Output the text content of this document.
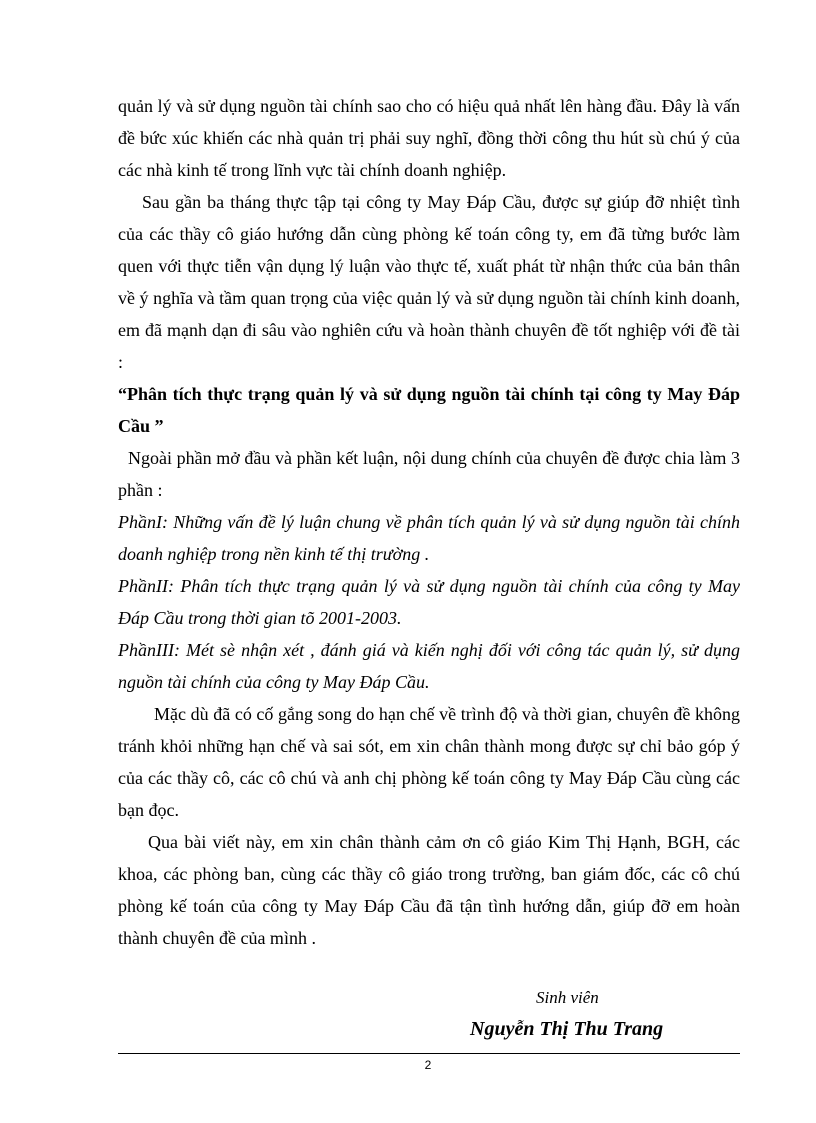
quản lý và sử dụng nguồn tài chính sao cho có hiệu quả nhất lên hàng đầu. Đây là vấn đề bức xúc khiến các nhà quản trị phải suy nghĩ, đồng thời công thu hút sù chú ý của các nhà kinh tế trong lĩnh vực tài chính doanh nghiệp.

Sau gần ba tháng thực tập tại công ty May Đáp Cầu, được sự giúp đỡ nhiệt tình của các thầy cô giáo hướng dẫn cùng phòng kế toán công ty, em đã từng bước làm quen với thực tiễn vận dụng lý luận vào thực tế, xuất phát từ nhận thức của bản thân về ý nghĩa và tầm quan trọng của việc quản lý và sử dụng nguồn tài chính kinh doanh, em đã mạnh dạn đi sâu vào nghiên cứu và hoàn thành chuyên đề tốt nghiệp với đề tài :

“Phân tích thực trạng quản lý và sử dụng nguồn tài chính tại công ty May Đáp Cầu ”

Ngoài phần mở đầu và phần kết luận, nội dung chính của chuyên đề được chia làm 3 phần :

PhầnI: Những vấn đề lý luận chung về phân tích quản lý và sử dụng nguồn tài chính doanh nghiệp trong nền kinh tế thị trường .

PhầnII: Phân tích thực trạng quản lý và sử dụng nguồn tài chính của công ty May Đáp Cầu trong thời gian tõ 2001-2003.

PhầnIII: Mét sè nhận xét , đánh giá và kiến nghị đối với công tác quản lý, sử dụng nguồn tài chính của công ty May Đáp Cầu.

Mặc dù đã có cố gắng song do hạn chế về trình độ và thời gian, chuyên đề không tránh khỏi những hạn chế và sai sót, em xin chân thành mong được sự chỉ bảo góp ý của các thầy cô, các cô chú và anh chị phòng kế toán công ty May Đáp Cầu cùng các bạn đọc.

Qua bài viết này, em xin chân thành cảm ơn cô giáo Kim Thị Hạnh, BGH, các khoa, các phòng ban, cùng các thầy cô giáo trong trường, ban giám đốc, các cô chú phòng kế toán của công ty May Đáp Cầu đã tận tình hướng dẫn, giúp đỡ em hoàn thành chuyên đề của mình .

Sinh viên
Nguyễn Thị Thu Trang
2
